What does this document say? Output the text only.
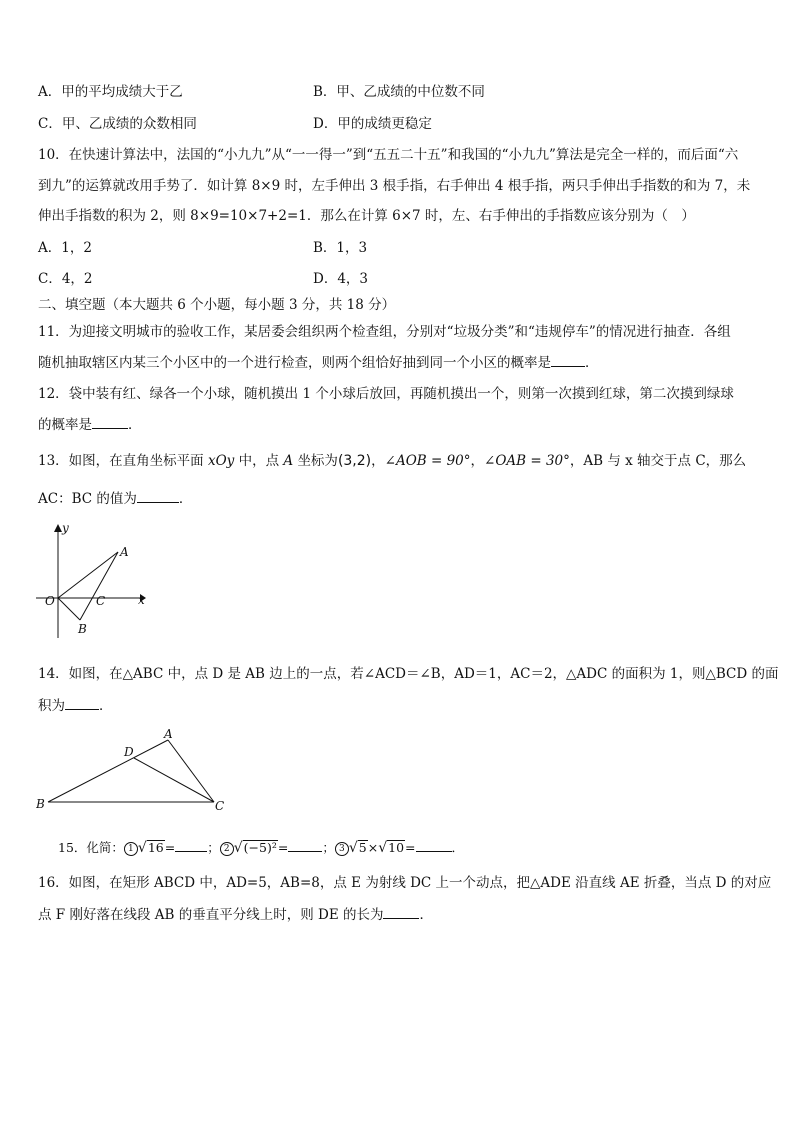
A．甲的平均成绩大于乙	B．甲、乙成绩的中位数不同
C．甲、乙成绩的众数相同	D．甲的成绩更稳定
10．在快速计算法中，法国的“小九九”从“一一得一”到“五五二十五”和我国的“小九九”算法是完全一样的，而后面“六
到九”的运算就改用手势了．如计算 8×9 时，左手伸出 3 根手指，右手伸出 4 根手指，两只手伸出手指数的和为 7，未
伸出手指数的积为 2，则 8×9=10×7+2=1．那么在计算 6×7 时，左、右手伸出的手指数应该分别为（　）
A．1，2	B．1，3
C．4，2	D．4，3
二、填空题（本大题共 6 个小题，每小题 3 分，共 18 分）
11．为迎接文明城市的验收工作，某居委会组织两个检查组，分别对“垃圾分类”和“违规停车”的情况进行抽查．各组
随机抽取辖区内某三个小区中的一个进行检查，则两个组恰好抽到同一个小区的概率是	．
12．袋中装有红、绿各一个小球，随机摸出 1 个小球后放回，再随机摸出一个，则第一次摸到红球，第二次摸到绿球
的概率是	．
13．如图，在直角坐标平面 xOy 中，点 A 坐标为(3,2)，∠AOB = 90°，∠OAB = 30°，AB 与 x 轴交于点 C，那么
AC：BC 的值为	．
y
x
O
A
B
C
14．如图，在△ABC 中，点 D 是 AB 边上的一点，若∠ACD＝∠B，AD＝1，AC＝2，△ADC 的面积为 1，则△BCD 的面
积为	．
A
B	C
D
15．化简： 1 √16=	； 2 √(−5)²=	； 3 √5×√10=	．
16．如图，在矩形 ABCD 中，AD=5，AB=8，点 E 为射线 DC 上一个动点，把△ADE 沿直线 AE 折叠，当点 D 的对应
点 F 刚好落在线段 AB 的垂直平分线上时，则 DE 的长为	．
